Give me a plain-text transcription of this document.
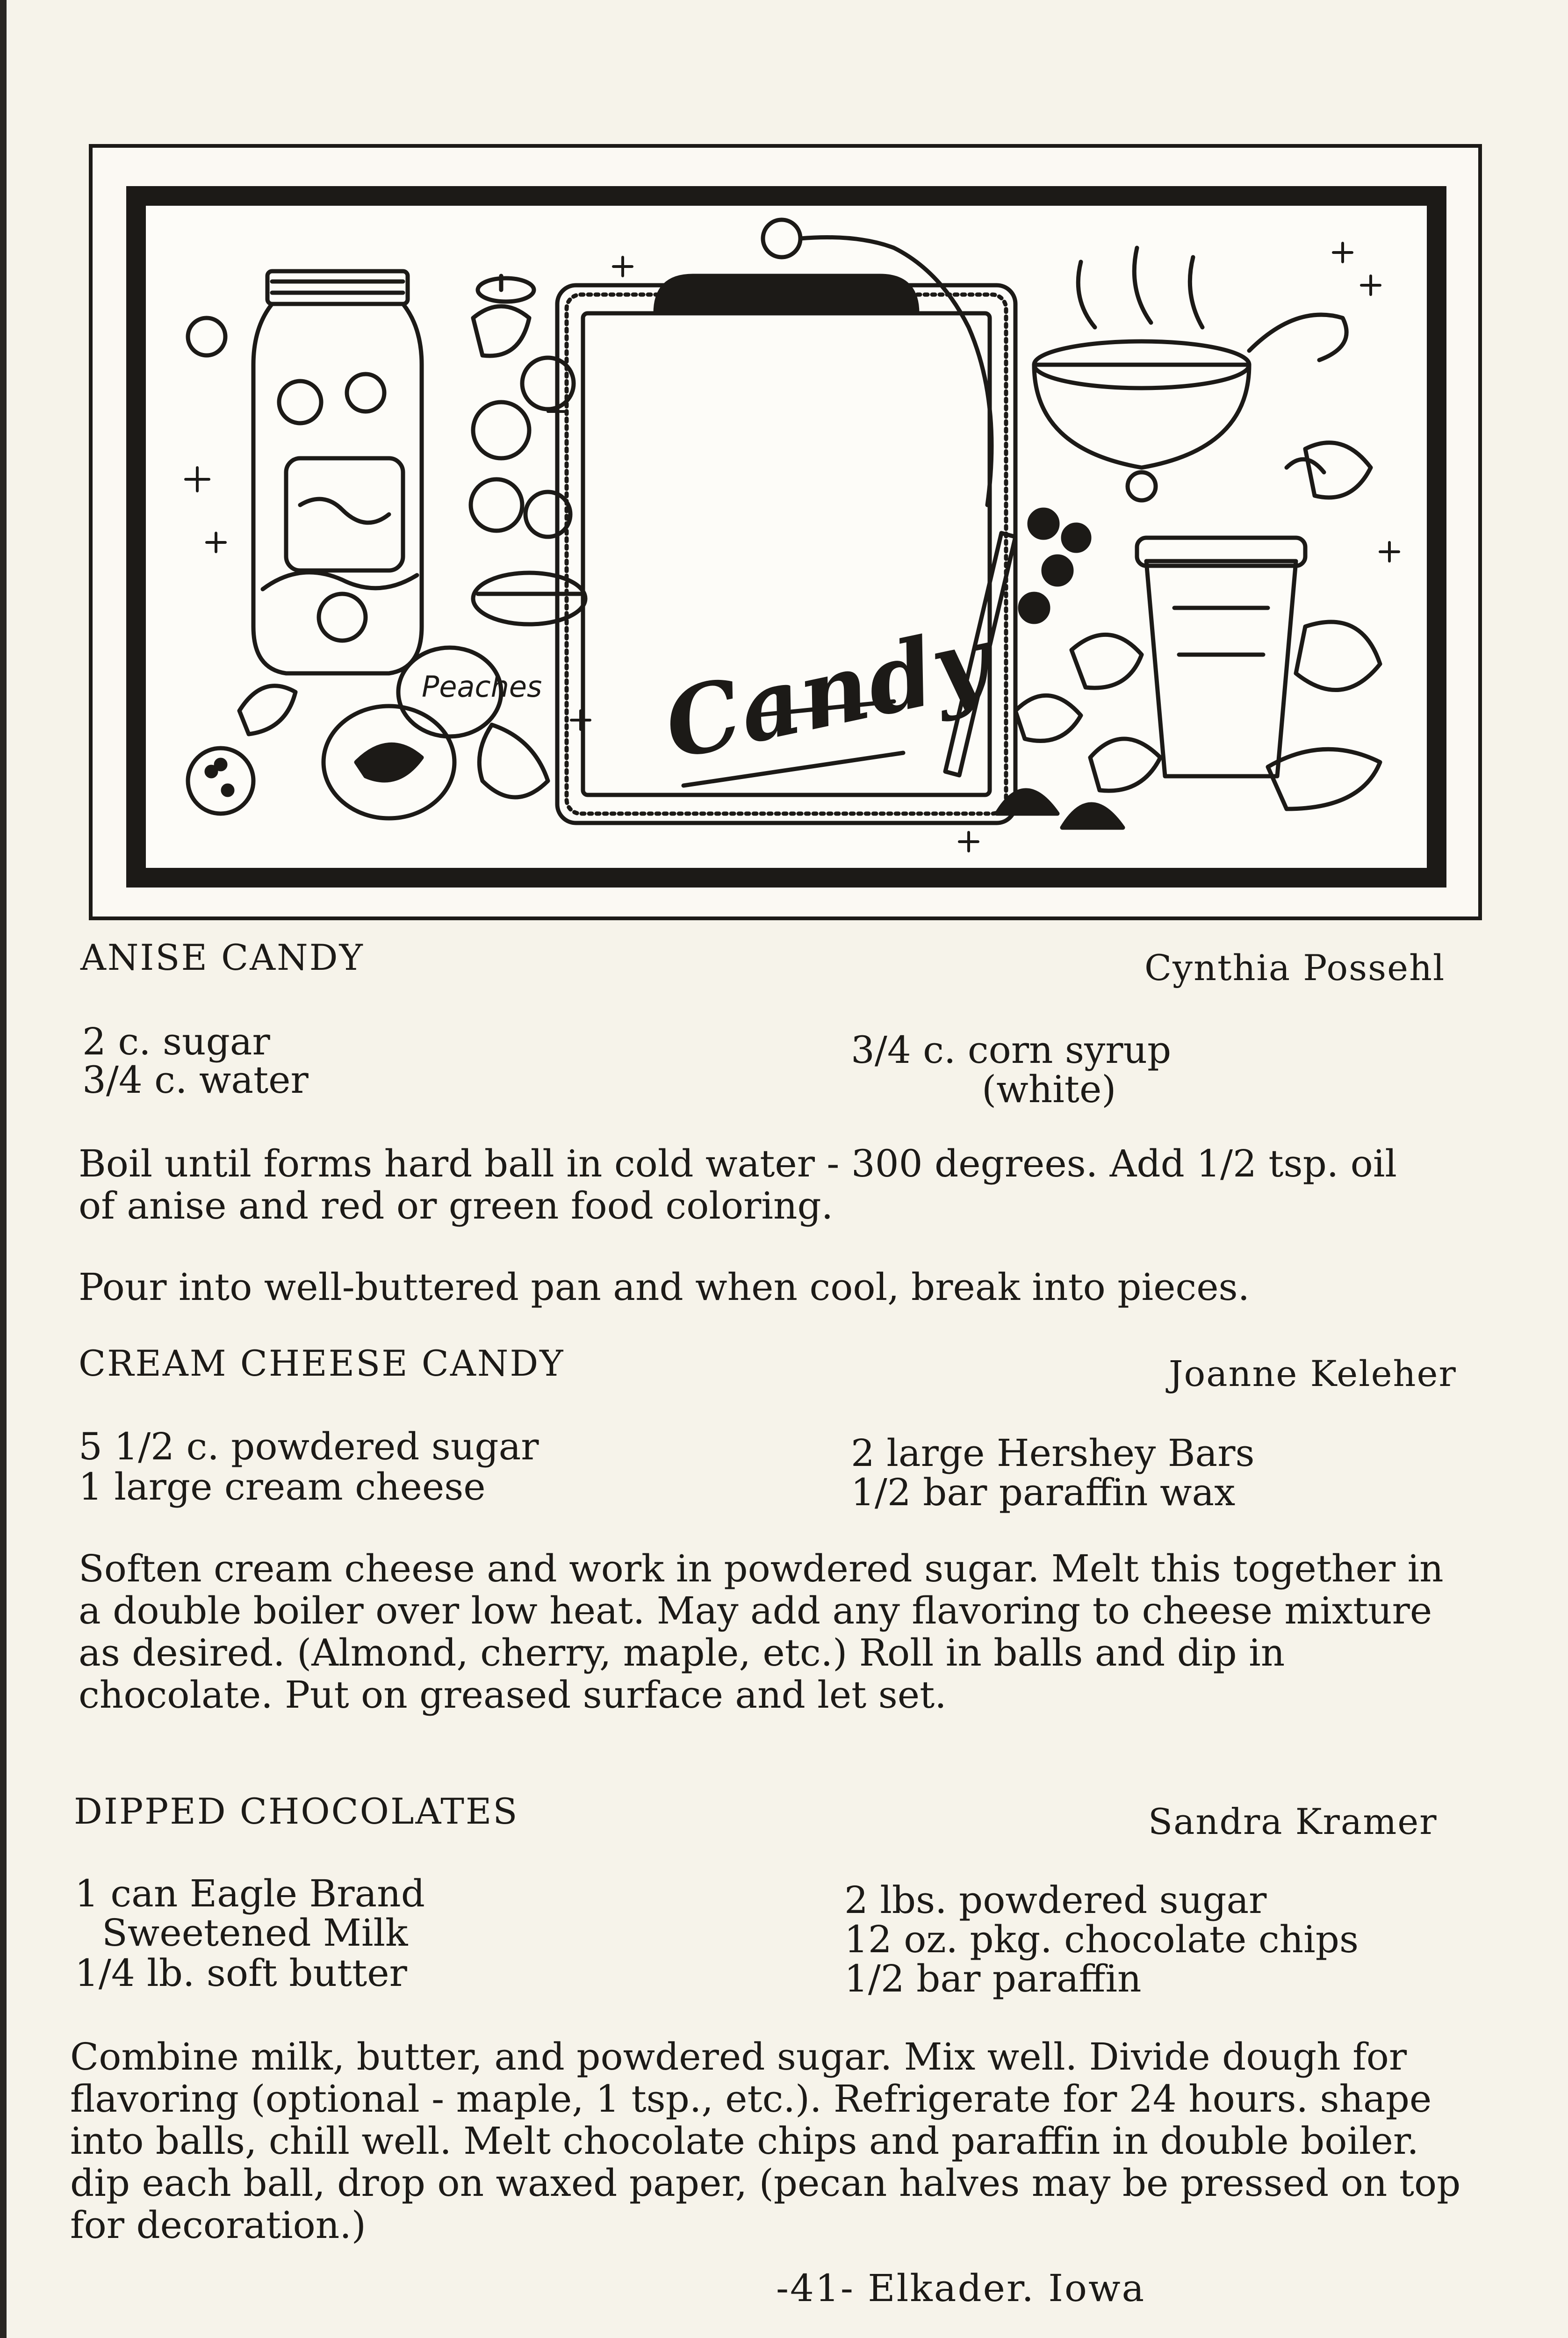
Peaches Candy
ANISE CANDY	Cynthia Possehl
2 c. sugar
3/4 c. water
3/4 c. corn syrup
(white)
Boil until forms hard ball in cold water - 300 degrees. Add 1/2 tsp. oil of anise and red or green food coloring.
Pour into well-buttered pan and when cool, break into pieces.
CREAM CHEESE CANDY	Joanne Keleher
5 1/2 c. powdered sugar
1 large cream cheese
2 large Hershey Bars
1/2 bar paraffin wax
Soften cream cheese and work in powdered sugar. Melt this together in a double boiler over low heat. May add any flavoring to cheese mixture as desired. (Almond, cherry, maple, etc.) Roll in balls and dip in chocolate. Put on greased surface and let set.
DIPPED CHOCOLATES	Sandra Kramer
1 can Eagle Brand
Sweetened Milk
1/4 lb. soft butter
2 lbs. powdered sugar
12 oz. pkg. chocolate chips
1/2 bar paraffin
Combine milk, butter, and powdered sugar. Mix well. Divide dough for flavoring (optional - maple, 1 tsp., etc.). Refrigerate for 24 hours. shape into balls, chill well. Melt chocolate chips and paraffin in double boiler. dip each ball, drop on waxed paper, (pecan halves may be pressed on top for decoration.)
-41- Elkader. Iowa
